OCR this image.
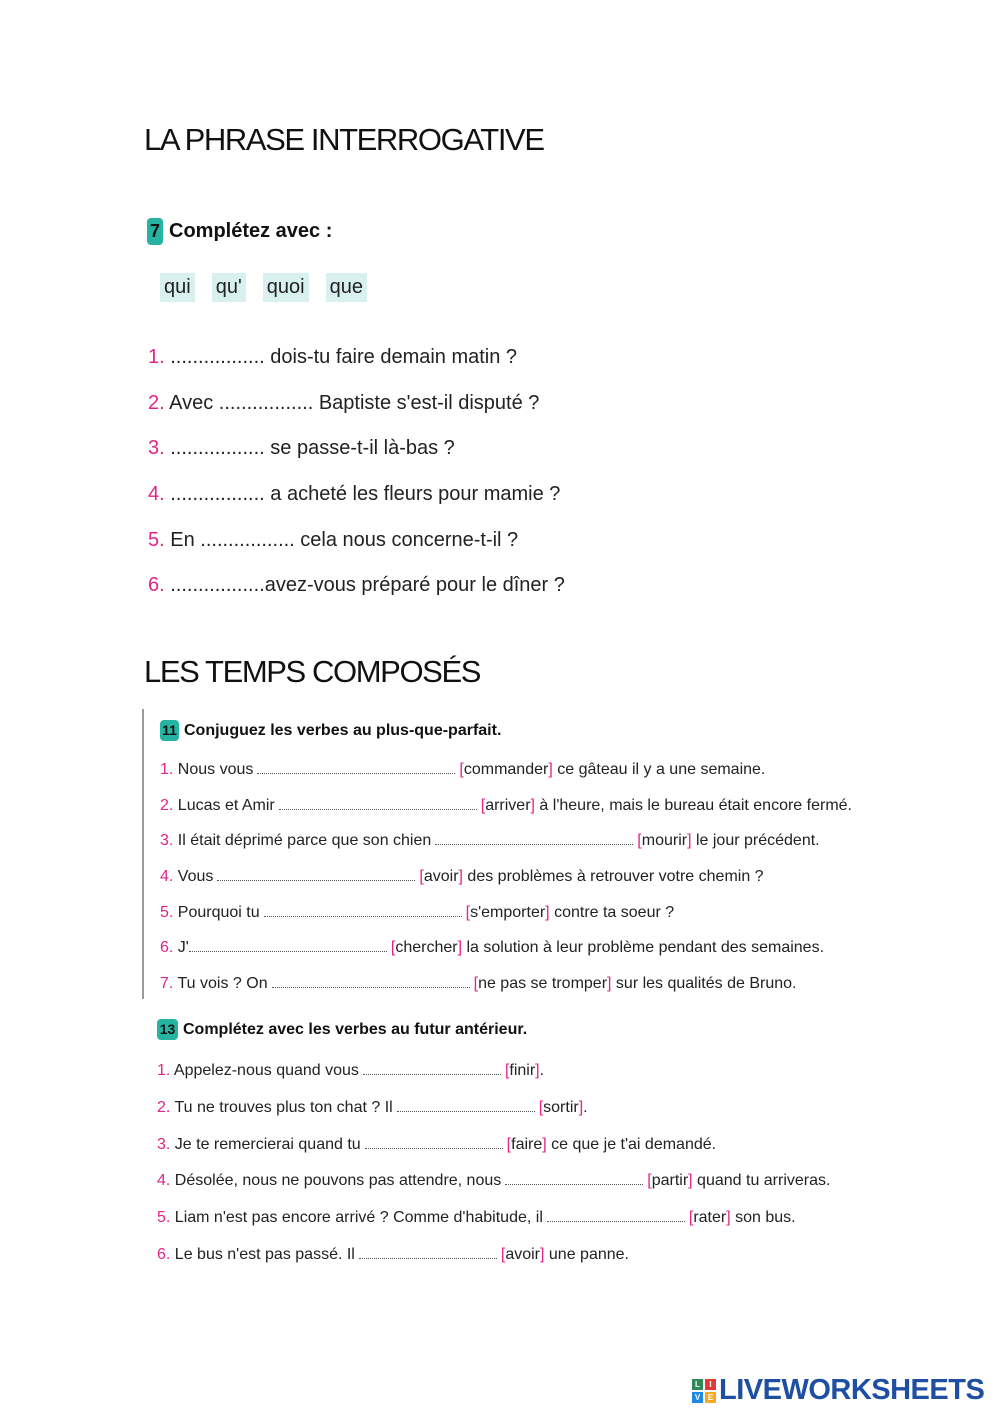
LA PHRASE INTERROGATIVE
7 Complétez avec :
qui qu' quoi que
1. ................. dois-tu faire demain matin ?
2. Avec ................. Baptiste s'est-il disputé ?
3. ................. se passe-t-il là-bas ?
4. ................. a acheté les fleurs pour mamie ?
5. En ................. cela nous concerne-t-il ?
6. .................avez-vous préparé pour le dîner ?
LES TEMPS COMPOSÉS
11 Conjuguez les verbes au plus-que-parfait.
1. Nous vous	[commander] ce gâteau il y a une semaine.
2. Lucas et Amir	[arriver] à l'heure, mais le bureau était encore fermé.
3. Il était déprimé parce que son chien	[mourir] le jour précédent.
4. Vous	[avoir] des problèmes à retrouver votre chemin ?
5. Pourquoi tu	[s'emporter] contre ta soeur ?
6. J'	[chercher] la solution à leur problème pendant des semaines.
7. Tu vois ? On	[ne pas se tromper] sur les qualités de Bruno.
13 Complétez avec les verbes au futur antérieur.
1. Appelez-nous quand vous	[finir].
2. Tu ne trouves plus ton chat ? Il	[sortir].
3. Je te remercierai quand tu	[faire] ce que je t'ai demandé.
4. Désolée, nous ne pouvons pas attendre, nous	[partir] quand tu arriveras.
5. Liam n'est pas encore arrivé ? Comme d'habitude, il	[rater] son bus.
6. Le bus n'est pas passé. Il	[avoir] une panne.
L	I
V E LIVEWORKSHEETS
